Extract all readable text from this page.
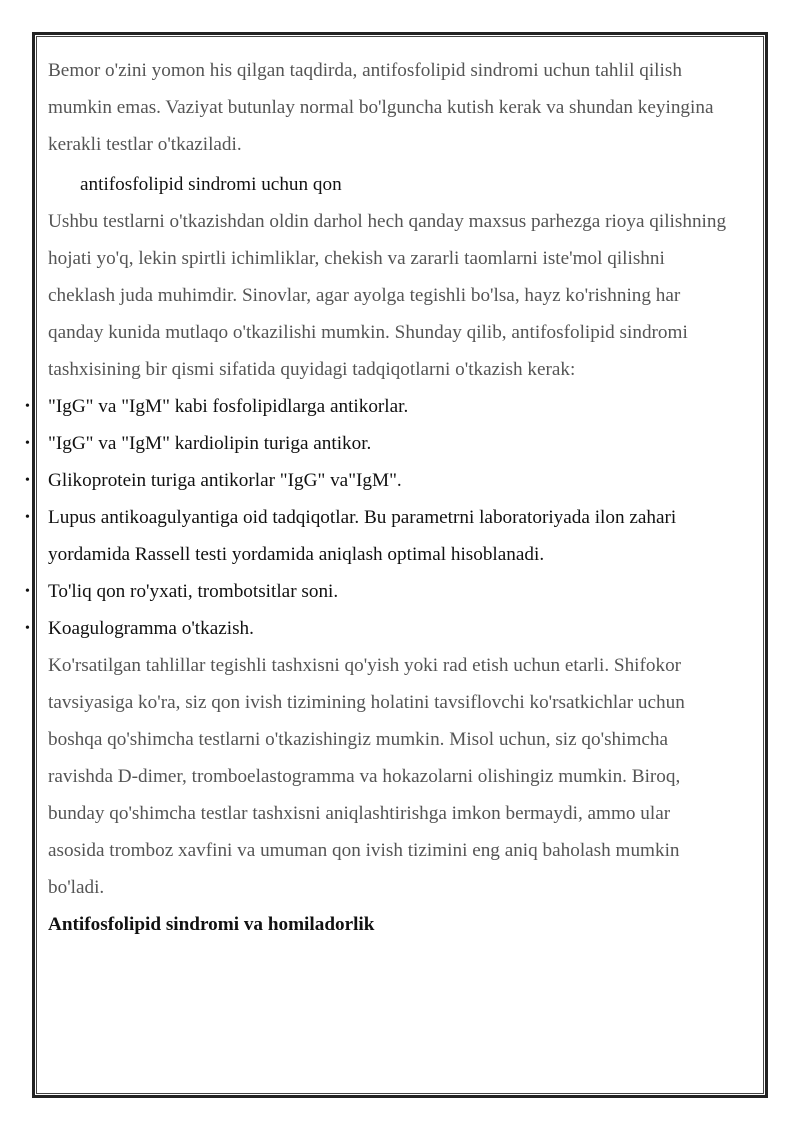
Bemor o'zini yomon his qilgan taqdirda, antifosfolipid sindromi uchun tahlil qilish mumkin emas. Vaziyat butunlay normal bo'lguncha kutish kerak va shundan keyingina kerakli testlar o'tkaziladi.

antifosfolipid sindromi uchun qon

Ushbu testlarni o'tkazishdan oldin darhol hech qanday maxsus parhezga rioya qilishning hojati yo'q, lekin spirtli ichimliklar, chekish va zararli taomlarni iste'mol qilishni cheklash juda muhimdir. Sinovlar, agar ayolga tegishli bo'lsa, hayz ko'rishning har qanday kunida mutlaqo o'tkazilishi mumkin. Shunday qilib, antifosfolipid sindromi tashxisining bir qismi sifatida quyidagi tadqiqotlarni o'tkazish kerak:

• "IgG" va "IgM" kabi fosfolipidlarga antikorlar.
• "IgG" va "IgM" kardiolipin turiga antikor.
• Glikoprotein turiga antikorlar "IgG" va"IgM".
• Lupus antikoagulyantiga oid tadqiqotlar. Bu parametrni laboratoriyada ilon zahari yordamida Rassell testi yordamida aniqlash optimal hisoblanadi.
• To'liq qon ro'yxati, trombotsitlar soni.
• Koagulogramma o'tkazish.

Ko'rsatilgan tahlillar tegishli tashxisni qo'yish yoki rad etish uchun etarli. Shifokor tavsiyasiga ko'ra, siz qon ivish tizimining holatini tavsiflovchi ko'rsatkichlar uchun boshqa qo'shimcha testlarni o'tkazishingiz mumkin. Misol uchun, siz qo'shimcha ravishda D-dimer, tromboelastogramma va hokazolarni olishingiz mumkin. Biroq, bunday qo'shimcha testlar tashxisni aniqlashtirishga imkon bermaydi, ammo ular asosida tromboz xavfini va umuman qon ivish tizimini eng aniq baholash mumkin bo'ladi.

Antifosfolipid sindromi va homiladorlik
